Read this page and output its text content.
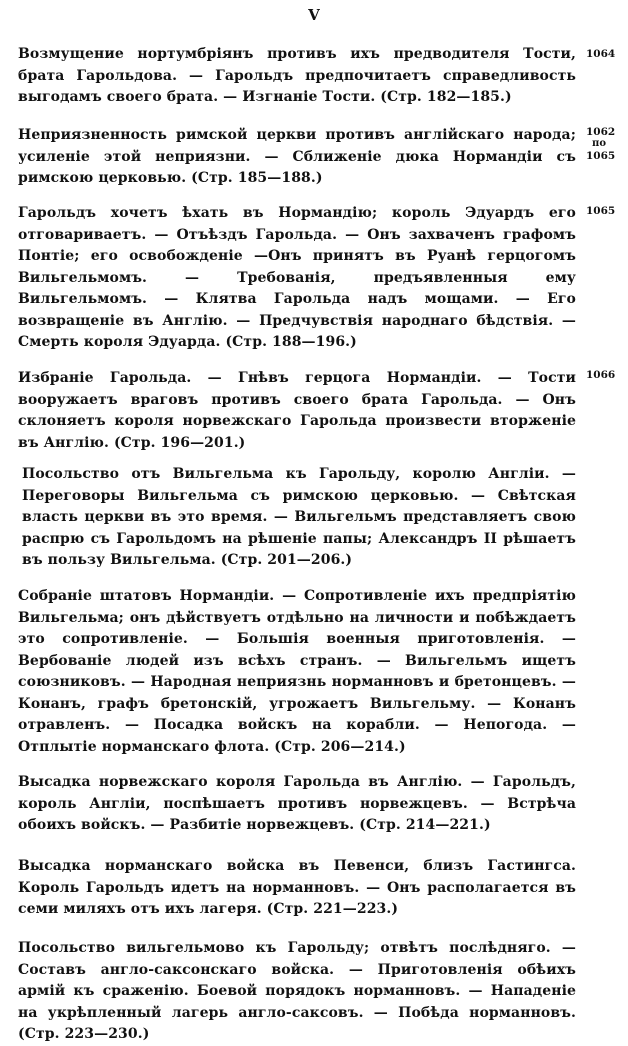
V
Возмущение нортумбріянъ противъ ихъ предводителя Тости, брата Гарольдова. — Гарольдъ предпочитаетъ справедливость выгодамъ своего брата. — Изгнаніе Тости. (Стр. 182—185.)
1064
Неприязненность римской церкви противъ англійскаго народа; усиленіе этой неприязни. — Сближеніе дюка Нормандіи съ римскою церковью. (Стр. 185—188.)
1062
по
1065
Гарольдъ хочетъ ѣхать въ Нормандію; король Эдуардъ его отговариваетъ. — Отъѣздъ Гарольда. — Онъ захваченъ графомъ Понтіе; его освобожденіе —Онъ принятъ въ Руанѣ герцогомъ Вильгельмомъ. — Требованія, предъявленныя ему Вильгельмомъ. — Клятва Гарольда надъ мощами. — Его возвращеніе въ Англію. — Предчувствія народнаго бѣдствія. — Смерть короля Эдуарда. (Стр. 188—196.)
1065
Избраніе Гарольда. — Гнѣвъ герцога Нормандіи. — Тости вооружаетъ враговъ противъ своего брата Гарольда. — Онъ склоняетъ короля норвежскаго Гарольда произвести вторженіе въ Англію. (Стр. 196—201.)
1066
Посольство отъ Вильгельма къ Гарольду, королю Англіи. — Переговоры Вильгельма съ римскою церковью. — Свѣтская власть церкви въ это время. — Вильгельмъ представляетъ свою распрю съ Гарольдомъ на рѣшеніе папы; Александръ II рѣшаетъ въ пользу Вильгельма. (Стр. 201—206.)
Собраніе штатовъ Нормандіи. — Сопротивленіе ихъ предпріятію Вильгельма; онъ дѣйствуетъ отдѣльно на личности и побѣждаетъ это сопротивленіе. — Большія военныя приготовленія. — Вербованіе людей изъ всѣхъ странъ. — Вильгельмъ ищетъ союзниковъ. — Народная неприязнь норманновъ и бретонцевъ. — Конанъ, графъ бретонскій, угрожаетъ Вильгельму. — Конанъ отравленъ. — Посадка войскъ на корабли. — Непогода. — Отплытіе норманскаго флота. (Стр. 206—214.)
Высадка норвежскаго короля Гарольда въ Англію. — Гарольдъ, король Англіи, поспѣшаетъ противъ норвежцевъ. — Встрѣча обоихъ войскъ. — Разбитіе норвежцевъ. (Стр. 214—221.)
Высадка норманскаго войска въ Певенси, близъ Гастингса. Король Гарольдъ идетъ на норманновъ. — Онъ располагается въ семи миляхъ отъ ихъ лагеря. (Стр. 221—223.)
Посольство вильгельмово къ Гарольду; отвѣтъ послѣдняго. — Составъ англо-саксонскаго войска. — Приготовленія обѣихъ армій къ сраженію. Боевой порядокъ норманновъ. — Нападеніе на укрѣпленный лагерь англо-саксовъ. — Побѣда норманновъ. (Стр. 223—230.)
